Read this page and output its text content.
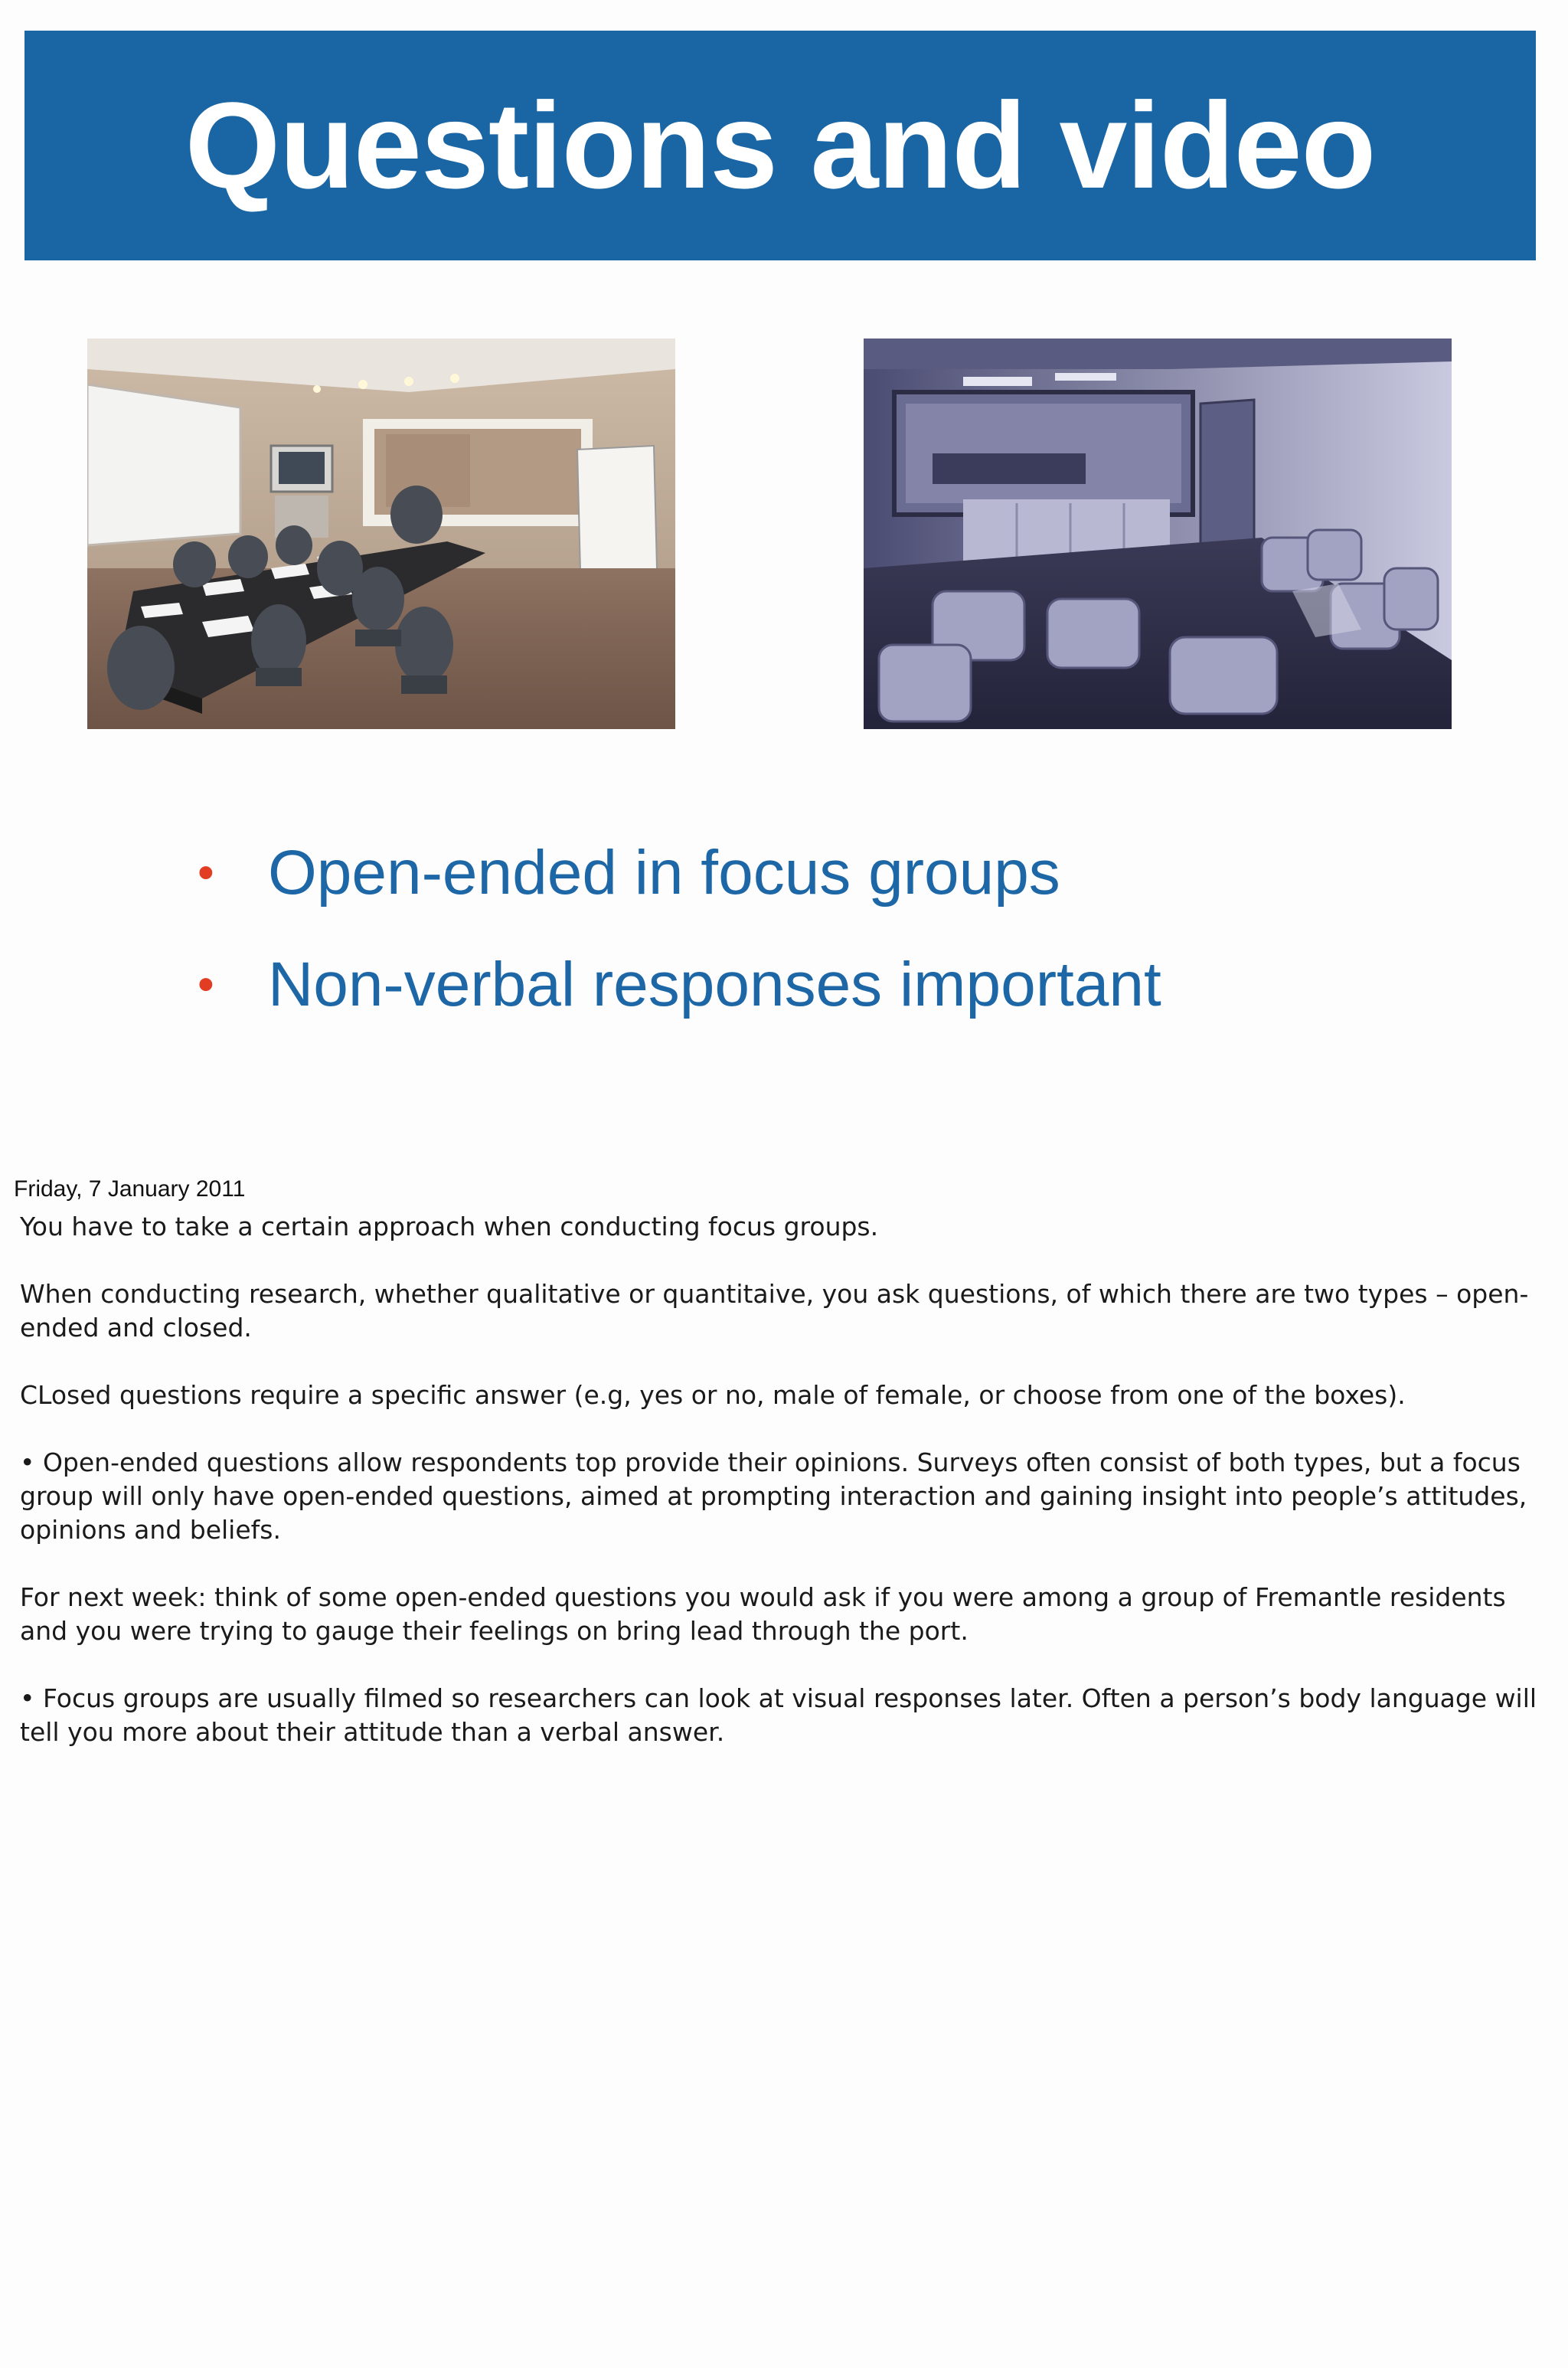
Questions and video
• Open-ended in focus groups
• Non-verbal responses important
Friday, 7 January 2011

You have to take a certain approach when conducting focus groups.

When conducting research, whether qualitative or quantitaive, you ask questions, of which there are two types – open-ended and closed.

CLosed questions require a specific answer (e.g, yes or no, male of female, or choose from one of the boxes).

• Open-ended questions allow respondents top provide their opinions. Surveys often consist of both types, but a focus group will only have open-ended questions, aimed at prompting interaction and gaining insight into people’s attitudes, opinions and beliefs.

For next week: think of some open-ended questions you would ask if you were among a group of Fremantle residents and you were trying to gauge their feelings on bring lead through the port.

• Focus groups are usually filmed so researchers can look at visual responses later. Often a person’s body language will tell you more about their attitude than a verbal answer.
